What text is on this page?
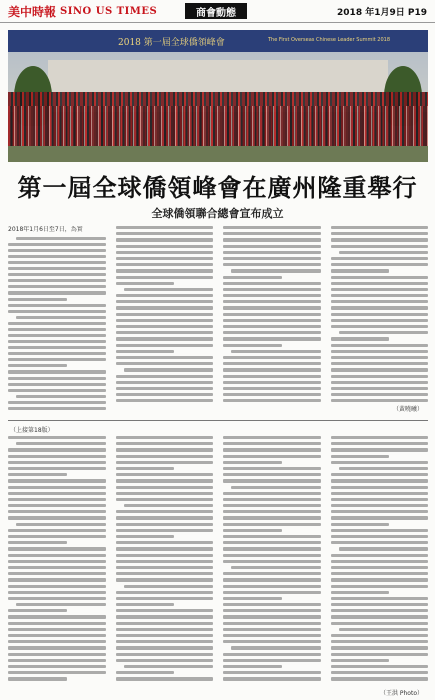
美中時報 SINO US TIMES	商會動態	2018 年1月9日 P19
2018 第一屆全球僑領峰會	The First Overseas Chinese Leader Summit 2018
第一屆全球僑領峰會在廣州隆重舉行
全球僑領聯合總會宣布成立
2018年1月6日至7日，為實
（黃曉曦）
（上接第18版）
（王洪 Photo）
